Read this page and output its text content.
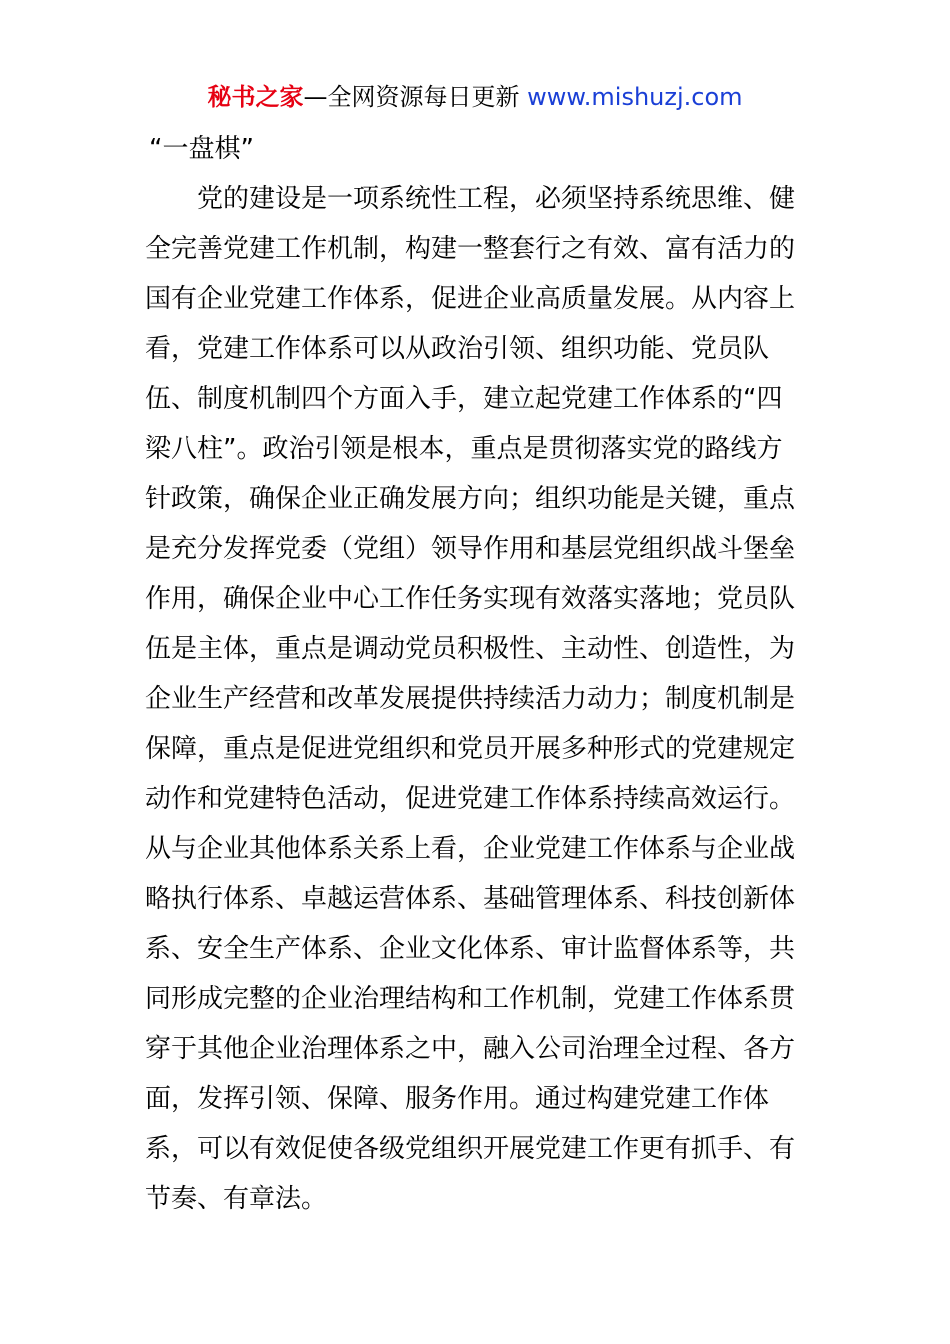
秘书之家—全网资源每日更新 www.mishuzj.com

“一盘棋”

　　党的建设是一项系统性工程，必须坚持系统思维、健
全完善党建工作机制，构建一整套行之有效、富有活力的
国有企业党建工作体系，促进企业高质量发展。从内容上
看，党建工作体系可以从政治引领、组织功能、党员队
伍、制度机制四个方面入手，建立起党建工作体系的“四
梁八柱”。政治引领是根本，重点是贯彻落实党的路线方
针政策，确保企业正确发展方向；组织功能是关键，重点
是充分发挥党委（党组）领导作用和基层党组织战斗堡垒
作用，确保企业中心工作任务实现有效落实落地；党员队
伍是主体，重点是调动党员积极性、主动性、创造性，为
企业生产经营和改革发展提供持续活力动力；制度机制是
保障，重点是促进党组织和党员开展多种形式的党建规定
动作和党建特色活动，促进党建工作体系持续高效运行。
从与企业其他体系关系上看，企业党建工作体系与企业战
略执行体系、卓越运营体系、基础管理体系、科技创新体
系、安全生产体系、企业文化体系、审计监督体系等，共
同形成完整的企业治理结构和工作机制，党建工作体系贯
穿于其他企业治理体系之中，融入公司治理全过程、各方
面，发挥引领、保障、服务作用。通过构建党建工作体
系，可以有效促使各级党组织开展党建工作更有抓手、有
节奏、有章法。
